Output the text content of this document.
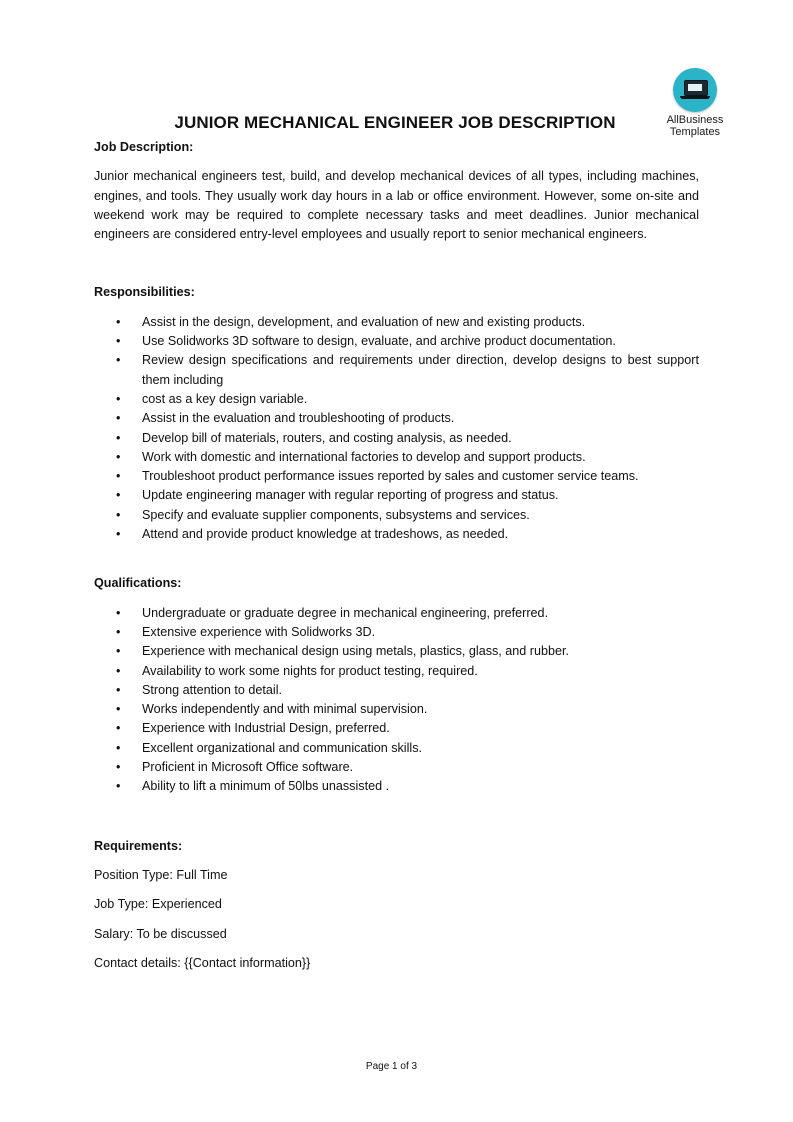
AllBusiness
Templates
JUNIOR MECHANICAL ENGINEER JOB DESCRIPTION

Job Description:

Junior mechanical engineers test, build, and develop mechanical devices of all types, including machines, engines, and tools. They usually work day hours in a lab or office environment. However, some on-site and weekend work may be required to complete necessary tasks and meet deadlines. Junior mechanical engineers are considered entry-level employees and usually report to senior mechanical engineers.

Responsibilities:

• Assist in the design, development, and evaluation of new and existing products.
• Use Solidworks 3D software to design, evaluate, and archive product documentation.
• Review design specifications and requirements under direction, develop designs to best support them including
• cost as a key design variable.
• Assist in the evaluation and troubleshooting of products.
• Develop bill of materials, routers, and costing analysis, as needed.
• Work with domestic and international factories to develop and support products.
• Troubleshoot product performance issues reported by sales and customer service teams.
• Update engineering manager with regular reporting of progress and status.
• Specify and evaluate supplier components, subsystems and services.
• Attend and provide product knowledge at tradeshows, as needed.

Qualifications:

• Undergraduate or graduate degree in mechanical engineering, preferred.
• Extensive experience with Solidworks 3D.
• Experience with mechanical design using metals, plastics, glass, and rubber.
• Availability to work some nights for product testing, required.
• Strong attention to detail.
• Works independently and with minimal supervision.
• Experience with Industrial Design, preferred.
• Excellent organizational and communication skills.
• Proficient in Microsoft Office software.
• Ability to lift a minimum of 50lbs unassisted .

Requirements:

Position Type: Full Time

Job Type: Experienced

Salary: To be discussed

Contact details: {{Contact information}}

Page 1 of 3
